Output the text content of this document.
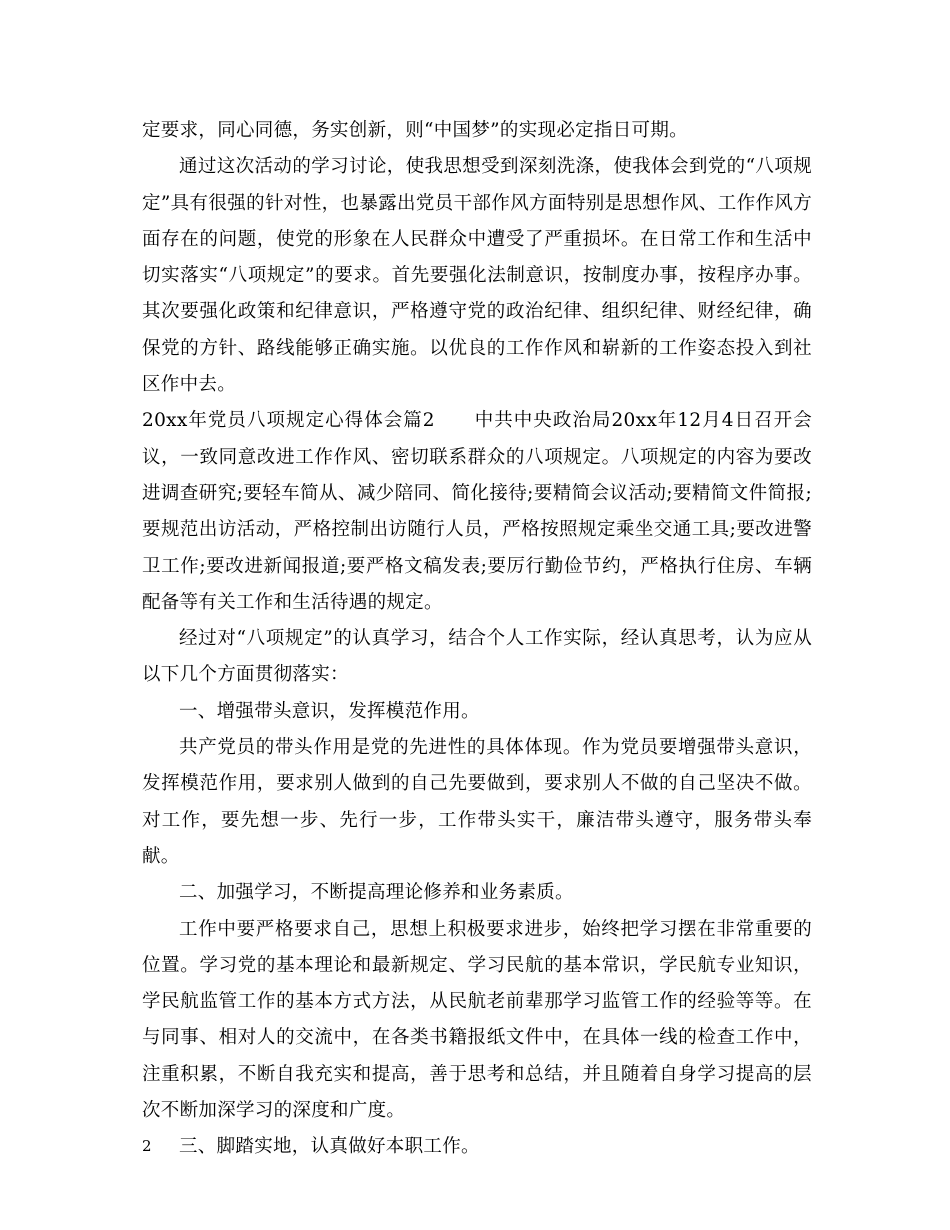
定要求，同心同德，务实创新，则“中国梦”的实现必定指日可期。

通过这次活动的学习讨论，使我思想受到深刻洗涤，使我体会到党的“八项规定”具有很强的针对性，也暴露出党员干部作风方面特别是思想作风、工作作风方面存在的问题，使党的形象在人民群众中遭受了严重损坏。在日常工作和生活中切实落实“八项规定”的要求。首先要强化法制意识，按制度办事，按程序办事。其次要强化政策和纪律意识，严格遵守党的政治纪律、组织纪律、财经纪律，确保党的方针、路线能够正确实施。以优良的工作作风和崭新的工作姿态投入到社区作中去。

20xx年党员八项规定心得体会篇2　　中共中央政治局20xx年12月4日召开会议，一致同意改进工作作风、密切联系群众的八项规定。八项规定的内容为要改进调查研究;要轻车简从、减少陪同、简化接待;要精简会议活动;要精简文件简报;要规范出访活动，严格控制出访随行人员，严格按照规定乘坐交通工具;要改进警卫工作;要改进新闻报道;要严格文稿发表;要厉行勤俭节约，严格执行住房、车辆配备等有关工作和生活待遇的规定。

经过对“八项规定”的认真学习，结合个人工作实际，经认真思考，认为应从以下几个方面贯彻落实：

一、增强带头意识，发挥模范作用。

共产党员的带头作用是党的先进性的具体体现。作为党员要增强带头意识，发挥模范作用，要求别人做到的自己先要做到，要求别人不做的自己坚决不做。对工作，要先想一步、先行一步，工作带头实干，廉洁带头遵守，服务带头奉献。

二、加强学习，不断提高理论修养和业务素质。

工作中要严格要求自己，思想上积极要求进步，始终把学习摆在非常重要的位置。学习党的基本理论和最新规定、学习民航的基本常识，学民航专业知识，学民航监管工作的基本方式方法，从民航老前辈那学习监管工作的经验等等。在与同事、相对人的交流中，在各类书籍报纸文件中，在具体一线的检查工作中，注重积累，不断自我充实和提高，善于思考和总结，并且随着自身学习提高的层次不断加深学习的深度和广度。

三、脚踏实地，认真做好本职工作。

2
